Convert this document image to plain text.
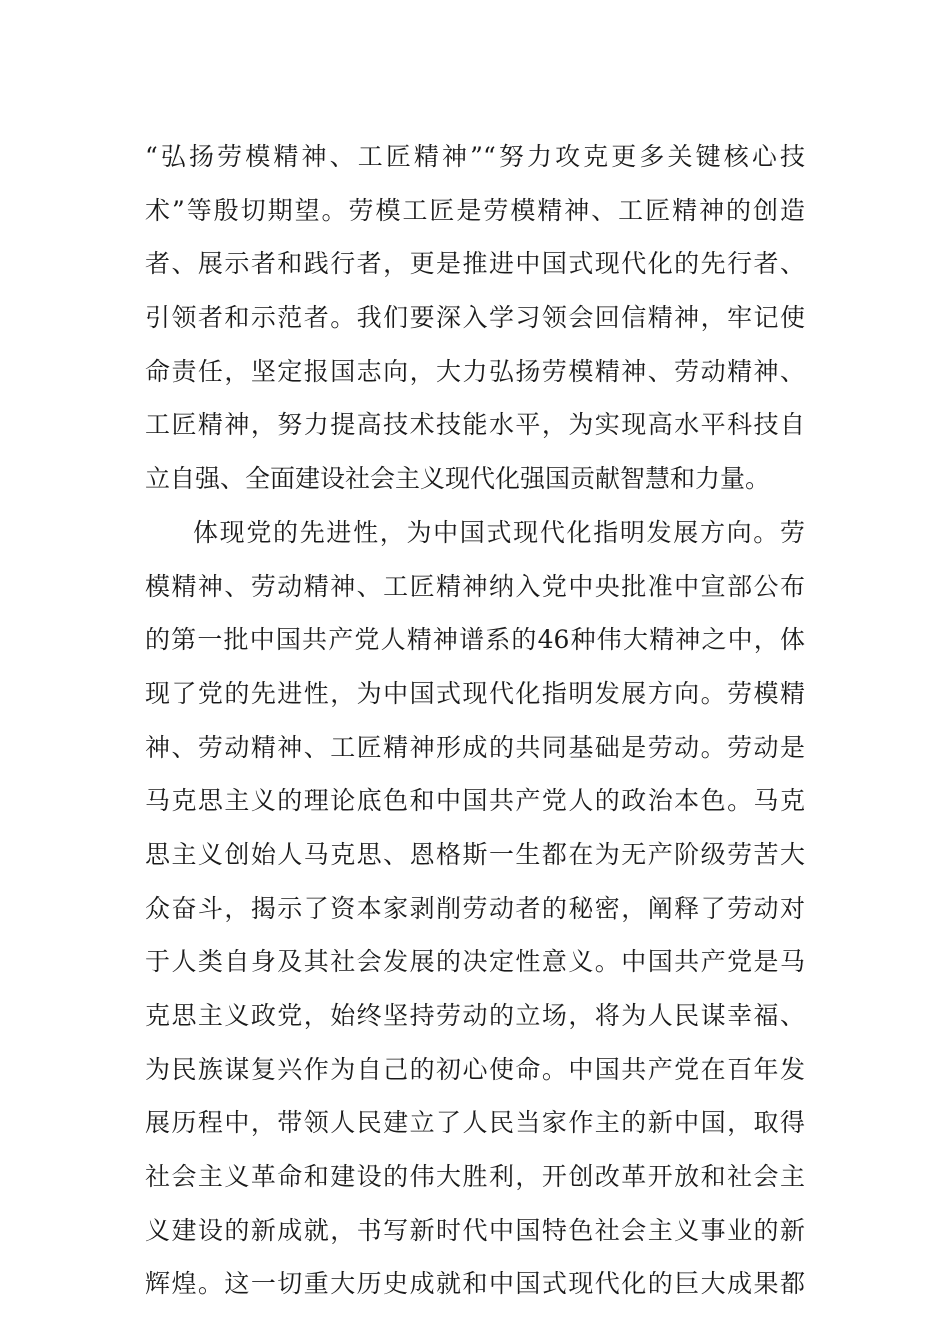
“弘扬劳模精神、工匠精神”“努力攻克更多关键核心技
术”等殷切期望。劳模工匠是劳模精神、工匠精神的创造
者、展示者和践行者，更是推进中国式现代化的先行者、
引领者和示范者。我们要深入学习领会回信精神，牢记使
命责任，坚定报国志向，大力弘扬劳模精神、劳动精神、
工匠精神，努力提高技术技能水平，为实现高水平科技自
立自强、全面建设社会主义现代化强国贡献智慧和力量。
体现党的先进性，为中国式现代化指明发展方向。劳
模精神、劳动精神、工匠精神纳入党中央批准中宣部公布
的第一批中国共产党人精神谱系的46种伟大精神之中，体
现了党的先进性，为中国式现代化指明发展方向。劳模精
神、劳动精神、工匠精神形成的共同基础是劳动。劳动是
马克思主义的理论底色和中国共产党人的政治本色。马克
思主义创始人马克思、恩格斯一生都在为无产阶级劳苦大
众奋斗，揭示了资本家剥削劳动者的秘密，阐释了劳动对
于人类自身及其社会发展的决定性意义。中国共产党是马
克思主义政党，始终坚持劳动的立场，将为人民谋幸福、
为民族谋复兴作为自己的初心使命。中国共产党在百年发
展历程中，带领人民建立了人民当家作主的新中国，取得
社会主义革命和建设的伟大胜利，开创改革开放和社会主
义建设的新成就，书写新时代中国特色社会主义事业的新
辉煌。这一切重大历史成就和中国式现代化的巨大成果都
